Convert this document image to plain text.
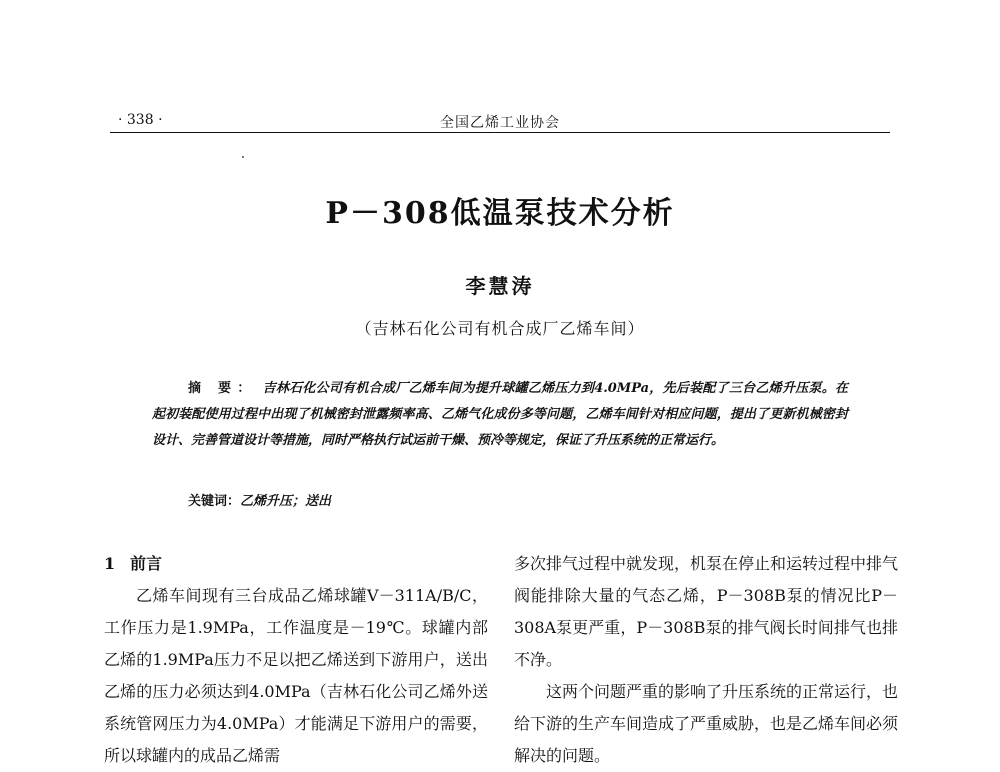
· 338 ·	全国乙烯工业协会
P－308低温泵技术分析
李慧涛
（吉林石化公司有机合成厂乙烯车间）
摘 要： 吉林石化公司有机合成厂乙烯车间为提升球罐乙烯压力到4.0MPa，先后装配了三台乙烯升压泵。在起初装配使用过程中出现了机械密封泄露频率高、乙烯气化成份多等问题，乙烯车间针对相应问题，提出了更新机械密封设计、完善管道设计等措施，同时严格执行试运前干燥、预冷等规定，保证了升压系统的正常运行。
关键词：乙烯升压；送出
1 前言

乙烯车间现有三台成品乙烯球罐V－311A/B/C，工作压力是1.9MPa，工作温度是－19℃。球罐内部乙烯的1.9MPa压力不足以把乙烯送到下游用户，送出乙烯的压力必须达到4.0MPa（吉林石化公司乙烯外送系统管网压力为4.0MPa）才能满足下游用户的需要，所以球罐内的成品乙烯需

多次排气过程中就发现，机泵在停止和运转过程中排气阀能排除大量的气态乙烯，P－308B泵的情况比P－308A泵更严重，P－308B泵的排气阀长时间排气也排不净。

这两个问题严重的影响了升压系统的正常运行，也给下游的生产车间造成了严重威胁，也是乙烯车间必须解决的问题。
